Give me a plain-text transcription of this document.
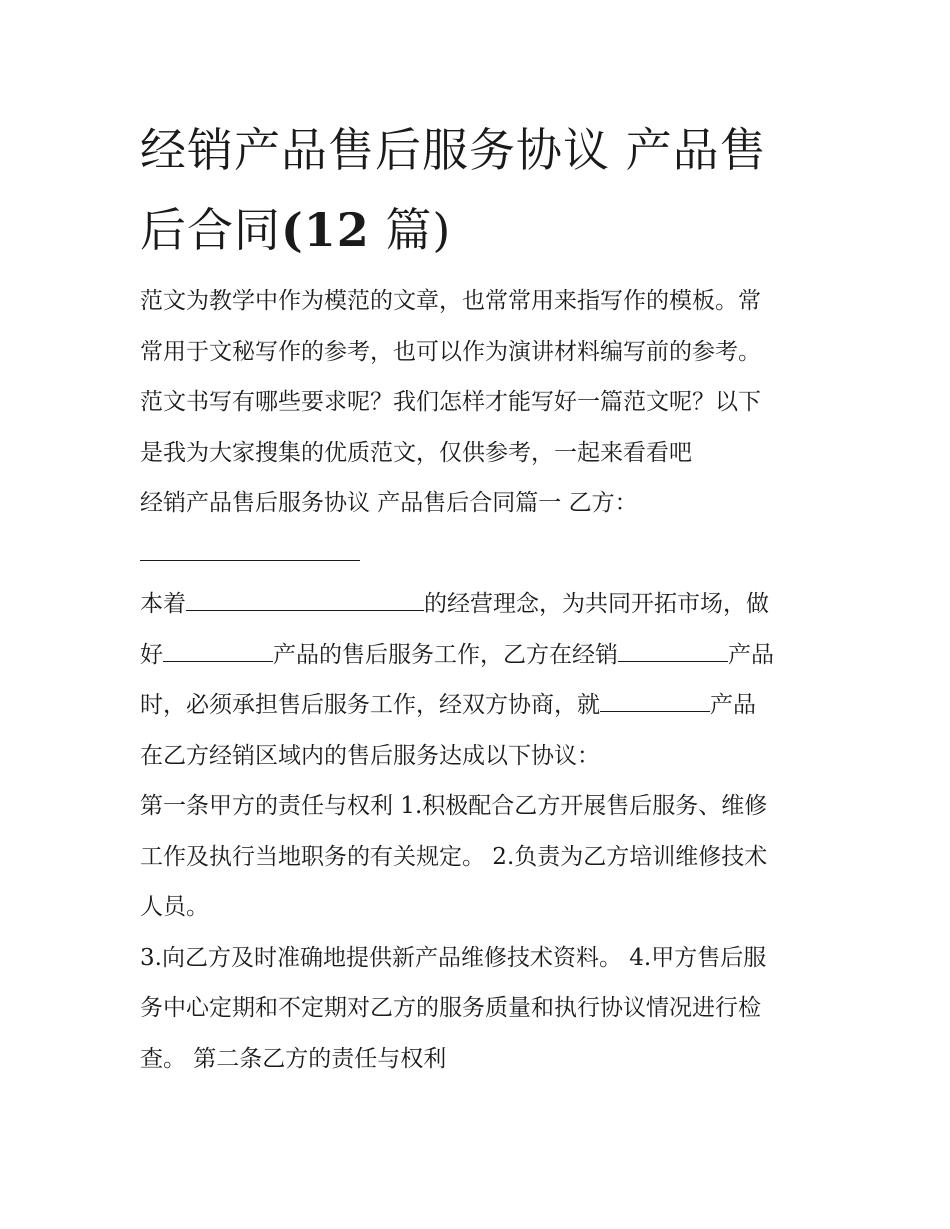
经销产品售后服务协议 产品售
后合同(12 篇)
范文为教学中作为模范的文章，也常常用来指写作的模板。常
常用于文秘写作的参考，也可以作为演讲材料编写前的参考。
范文书写有哪些要求呢？我们怎样才能写好一篇范文呢？以下
是我为大家搜集的优质范文，仅供参考，一起来看看吧
经销产品售后服务协议 产品售后合同篇一 乙方：
本着	的经营理念，为共同开拓市场，做
好	产品的售后服务工作，乙方在经销	产品
时，必须承担售后服务工作，经双方协商，就	产品
在乙方经销区域内的售后服务达成以下协议：
第一条甲方的责任与权利 1.积极配合乙方开展售后服务、维修
工作及执行当地职务的有关规定。 2.负责为乙方培训维修技术
人员。
3.向乙方及时准确地提供新产品维修技术资料。 4.甲方售后服
务中心定期和不定期对乙方的服务质量和执行协议情况进行检
查。 第二条乙方的责任与权利
